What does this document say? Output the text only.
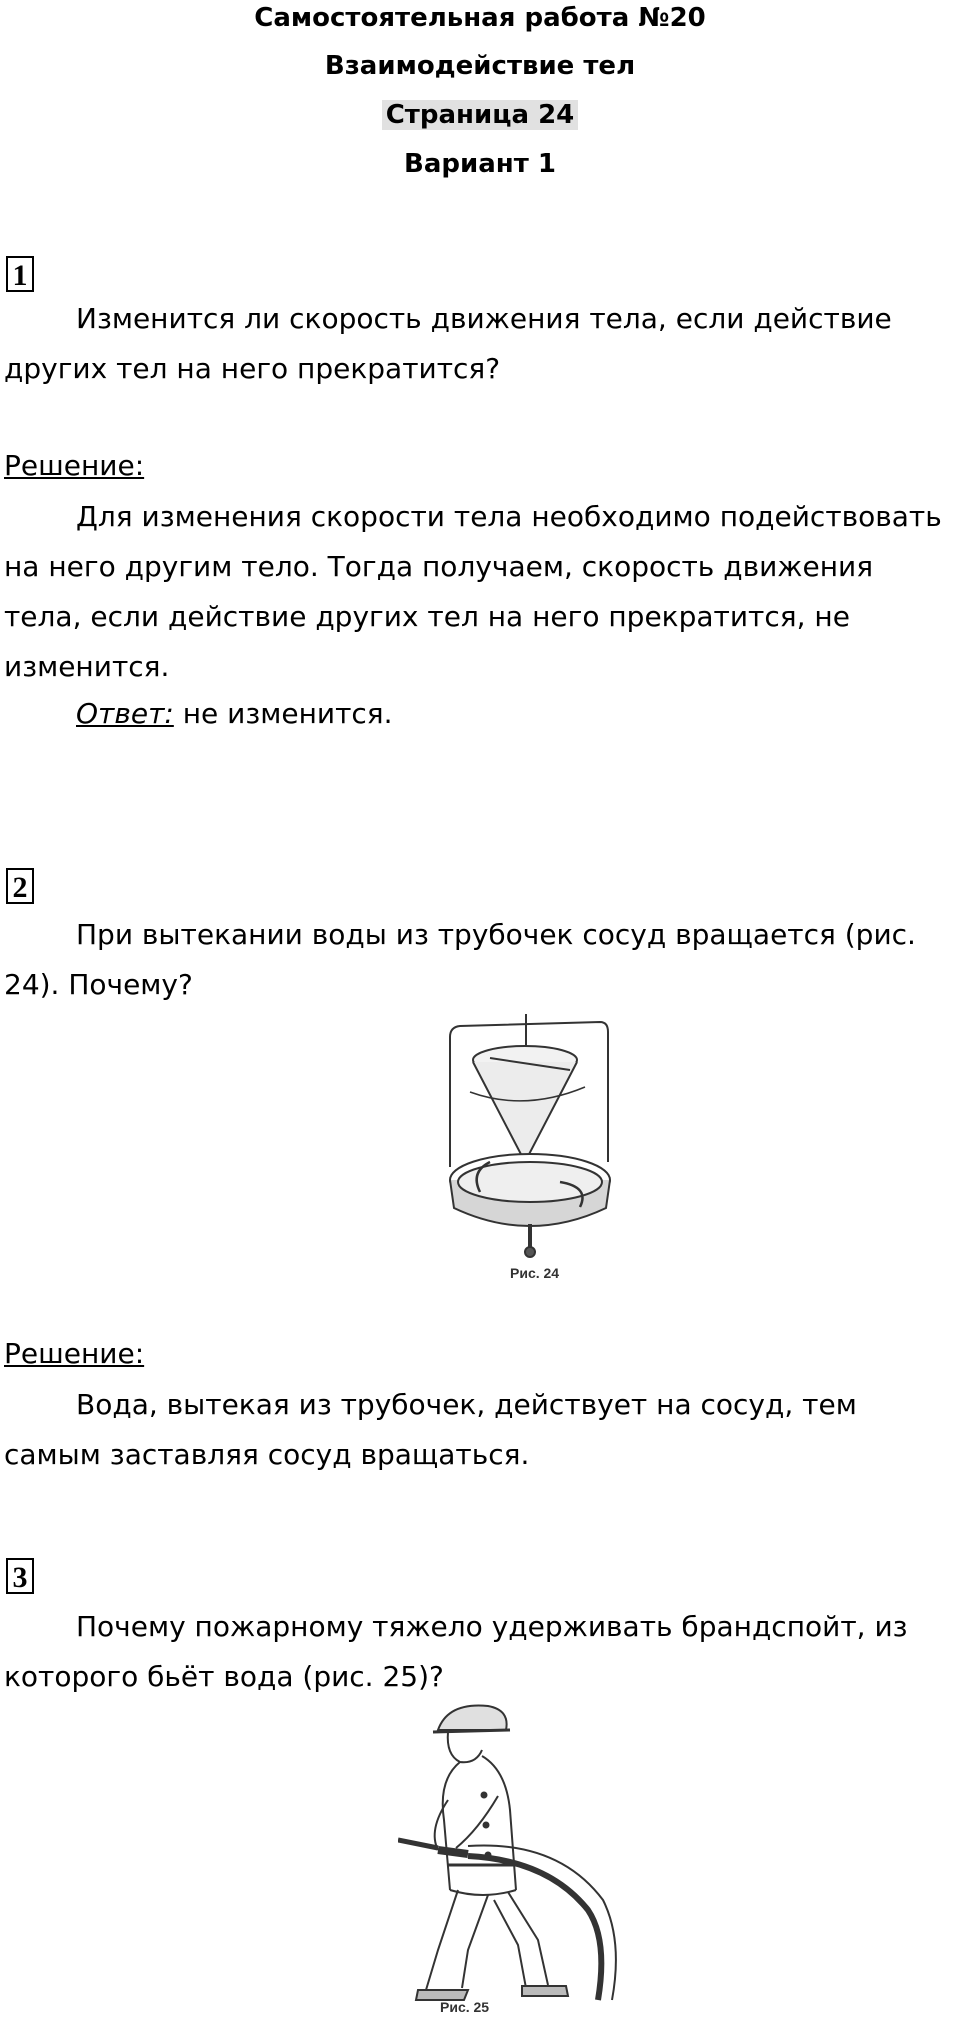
Самостоятельная работа №20
Взаимодействие тел
Страница 24
Вариант 1
1
Изменится ли скорость движения тела, если действие других тел на него прекратится?
Решение:
Для изменения скорости тела необходимо подействовать на него другим тело. Тогда получаем, скорость движения тела, если действие других тел на него прекратится, не изменится.
Ответ: не изменится.
2
При вытекании воды из трубочек сосуд вращается (рис. 24). Почему?
Рис. 24
Решение:
Вода, вытекая из трубочек, действует на сосуд, тем самым заставляя сосуд вращаться.
3
Почему пожарному тяжело удерживать брандспойт, из которого бьёт вода (рис. 25)?
Рис. 25
